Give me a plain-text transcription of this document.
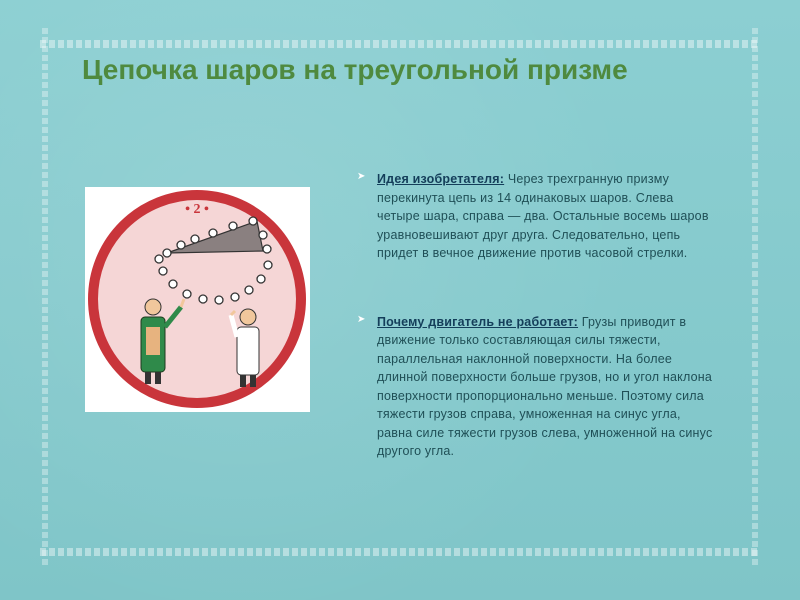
Цепочка шаров на треугольной призме
• 2 •

➤ Идея изобретателя: Через трехгранную призму перекинута цепь из 14 одинаковых шаров. Слева четыре шара, справа — два. Остальные восемь шаров уравновешивают друг друга. Следовательно, цепь придет в вечное движение против часовой стрелки.

➤ Почему двигатель не работает: Грузы приводит в движение только составляющая силы тяжести, параллельная наклонной поверхности. На более длинной поверхности больше грузов, но и угол наклона поверхности пропорционально меньше. Поэтому сила тяжести грузов справа, умноженная на синус угла, равна силе тяжести грузов слева, умноженной на синус другого угла.
